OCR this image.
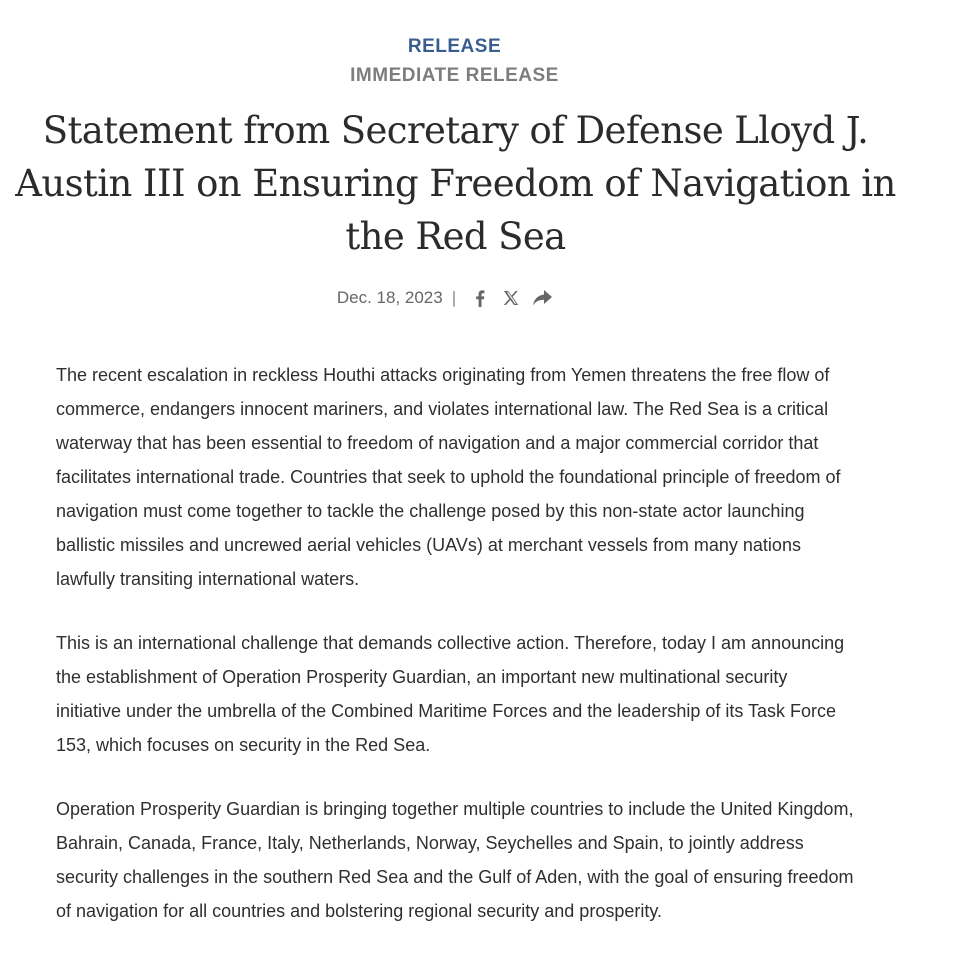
RELEASE
IMMEDIATE RELEASE
Statement from Secretary of Defense Lloyd J. Austin III on Ensuring Freedom of Navigation in the Red Sea
Dec. 18, 2023 |

The recent escalation in reckless Houthi attacks originating from Yemen threatens the free flow of commerce, endangers innocent mariners, and violates international law. The Red Sea is a critical waterway that has been essential to freedom of navigation and a major commercial corridor that facilitates international trade. Countries that seek to uphold the foundational principle of freedom of navigation must come together to tackle the challenge posed by this non-state actor launching ballistic missiles and uncrewed aerial vehicles (UAVs) at merchant vessels from many nations lawfully transiting international waters.

This is an international challenge that demands collective action. Therefore, today I am announcing the establishment of Operation Prosperity Guardian, an important new multinational security initiative under the umbrella of the Combined Maritime Forces and the leadership of its Task Force 153, which focuses on security in the Red Sea.

Operation Prosperity Guardian is bringing together multiple countries to include the United Kingdom, Bahrain, Canada, France, Italy, Netherlands, Norway, Seychelles and Spain, to jointly address security challenges in the southern Red Sea and the Gulf of Aden, with the goal of ensuring freedom of navigation for all countries and bolstering regional security and prosperity.
